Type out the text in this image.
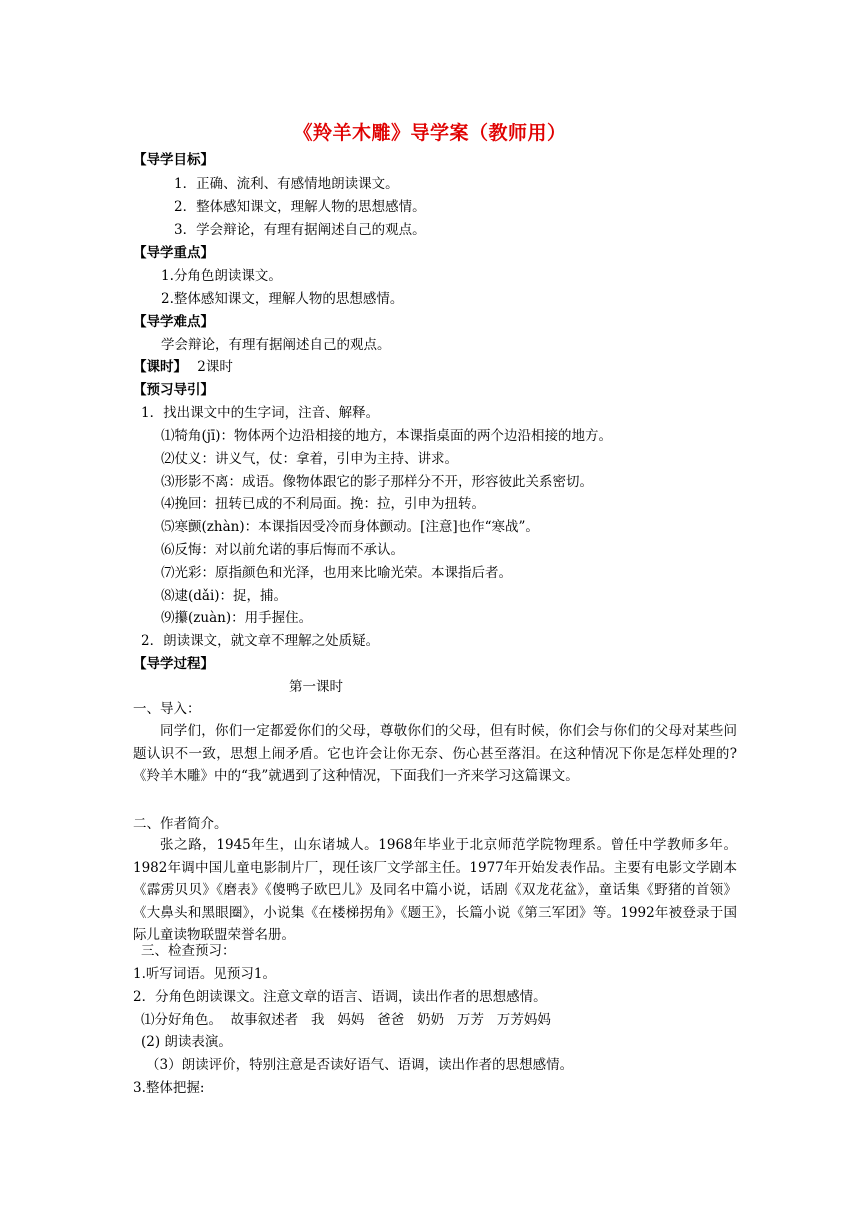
《羚羊木雕》导学案（教师用）
【导学目标】
1．正确、流利、有感情地朗读课文。
2．整体感知课文，理解人物的思想感情。
3．学会辩论，有理有据阐述自己的观点。
【导学重点】
1.分角色朗读课文。
2.整体感知课文，理解人物的思想感情。
【导学难点】
学会辩论，有理有据阐述自己的观点。
【课时】 2课时
【预习导引】
1．找出课文中的生字词，注音、解释。
⑴犄角(jī)：物体两个边沿相接的地方，本课指桌面的两个边沿相接的地方。
⑵仗义：讲义气，仗：拿着，引申为主持、讲求。
⑶形影不离：成语。像物体跟它的影子那样分不开，形容彼此关系密切。
⑷挽回：扭转已成的不利局面。挽：拉，引申为扭转。
⑸寒颤(zhàn)：本课指因受冷而身体颤动。[注意]也作“寒战”。
⑹反悔：对以前允诺的事后悔而不承认。
⑺光彩：原指颜色和光泽，也用来比喻光荣。本课指后者。
⑻逮(dǎi)：捉，捕。
⑼攥(zuàn)：用手握住。
2．朗读课文，就文章不理解之处质疑。
【导学过程】
第一课时
一、导入：
同学们，你们一定都爱你们的父母，尊敬你们的父母，但有时候，你们会与你们的父母对某些问题认识不一致，思想上闹矛盾。它也许会让你无奈、伤心甚至落泪。在这种情况下你是怎样处理的?《羚羊木雕》中的“我”就遇到了这种情况，下面我们一齐来学习这篇课文。
二、作者简介。
张之路，1945年生，山东诸城人。1968年毕业于北京师范学院物理系。曾任中学教师多年。1982年调中国儿童电影制片厂，现任该厂文学部主任。1977年开始发表作品。主要有电影文学剧本《霹雳贝贝》《磨表》《傻鸭子欧巴儿》及同名中篇小说，话剧《双龙花盆》，童话集《野猪的首领》《大鼻头和黑眼圈》，小说集《在楼梯拐角》《题王》，长篇小说《第三军团》等。1992年被登录于国际儿童读物联盟荣誉名册。
三、检查预习：
1.听写词语。见预习1。
2．分角色朗读课文。注意文章的语言、语调，读出作者的思想感情。
⑴分好角色。  故事叙述者   我   妈妈   爸爸   奶奶   万芳   万芳妈妈
(2) 朗读表演。
（3）朗读评价，特别注意是否读好语气、语调，读出作者的思想感情。
3.整体把握:
